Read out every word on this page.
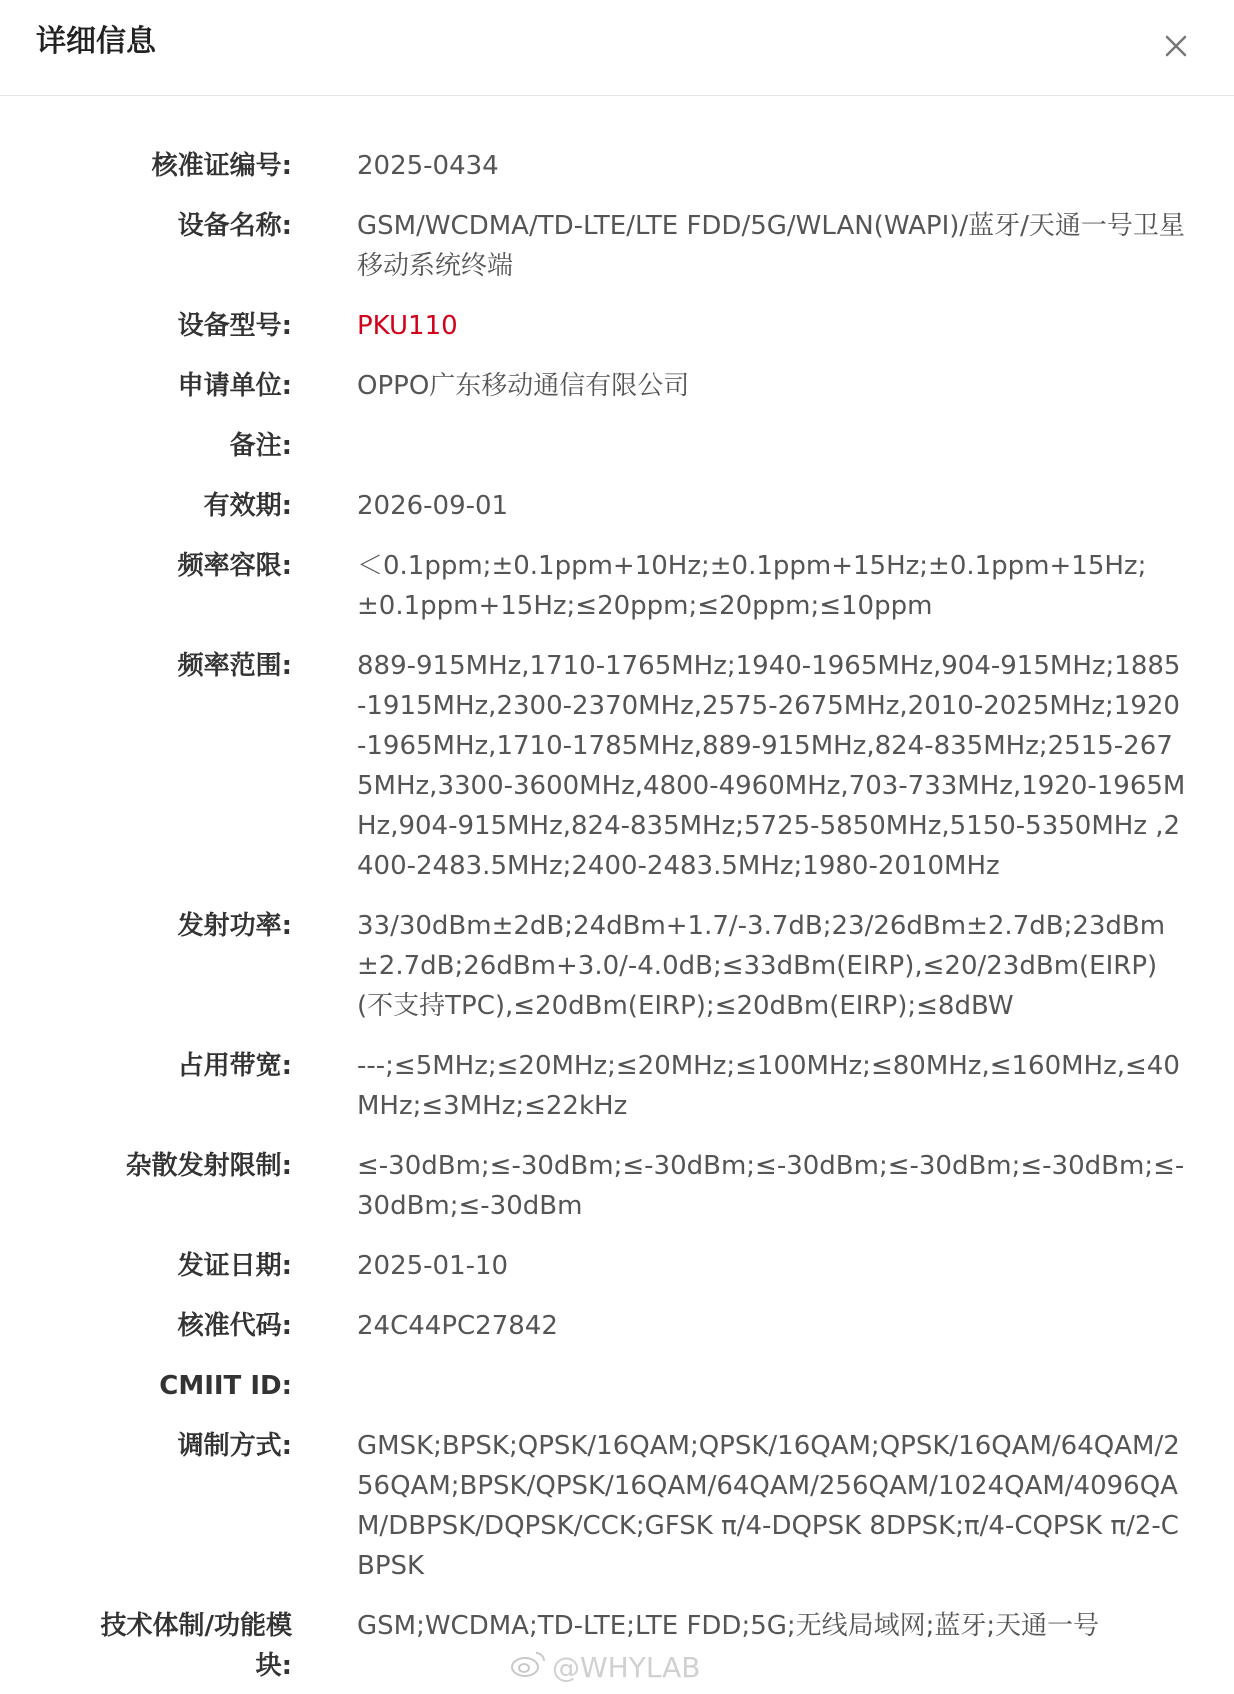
详细信息
核准证编号:	2025-0434
设备名称:	GSM/WCDMA/TD-LTE/LTE FDD/5G/WLAN(WAPI)/蓝牙/天通一号卫星移动系统终端
设备型号:	PKU110
申请单位:	OPPO广东移动通信有限公司
备注:
有效期:	2026-09-01
频率容限:	＜0.1ppm;±0.1ppm+10Hz;±0.1ppm+15Hz;±0.1ppm+15Hz;±0.1ppm+15Hz;≤20ppm;≤20ppm;≤10ppm
频率范围:	889-915MHz,1710-1765MHz;1940-1965MHz,904-915MHz;1885-1915MHz,2300-2370MHz,2575-2675MHz,2010-2025MHz;1920-1965MHz,1710-1785MHz,889-915MHz,824-835MHz;2515-2675MHz,3300-3600MHz,4800-4960MHz,703-733MHz,1920-1965MHz,904-915MHz,824-835MHz;5725-5850MHz,5150-5350MHz ,2400-2483.5MHz;2400-2483.5MHz;1980-2010MHz
发射功率:	33/30dBm±2dB;24dBm+1.7/-3.7dB;23/26dBm±2.7dB;23dBm±2.7dB;26dBm+3.0/-4.0dB;≤33dBm(EIRP),≤20/23dBm(EIRP)(不支持TPC),≤20dBm(EIRP);≤20dBm(EIRP);≤8dBW
占用带宽:	---;≤5MHz;≤20MHz;≤20MHz;≤100MHz;≤80MHz,≤160MHz,≤40MHz;≤3MHz;≤22kHz
杂散发射限制:	≤-30dBm;≤-30dBm;≤-30dBm;≤-30dBm;≤-30dBm;≤-30dBm;≤-30dBm;≤-30dBm
发证日期:	2025-01-10
核准代码:	24C44PC27842
CMIIT ID:
调制方式:	GMSK;BPSK;QPSK/16QAM;QPSK/16QAM;QPSK/16QAM/64QAM/256QAM;BPSK/QPSK/16QAM/64QAM/256QAM/1024QAM/4096QAM/DBPSK/DQPSK/CCK;GFSK π/4-DQPSK 8DPSK;π/4-CQPSK π/2-CBPSK
技术体制/功能模块:
GSM;WCDMA;TD-LTE;LTE FDD;5G;无线局域网;蓝牙;天通一号
@WHYLAB
